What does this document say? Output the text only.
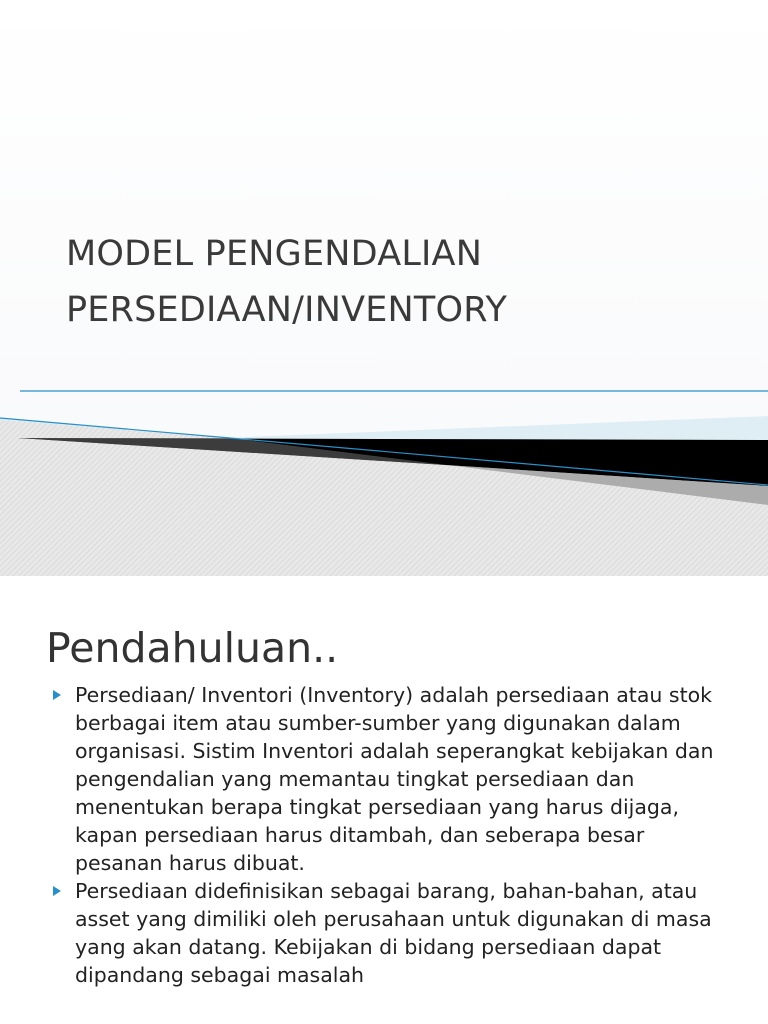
MODEL PENGENDALIAN
PERSEDIAAN/INVENTORY
Pendahuluan..
Persediaan/ Inventori (Inventory) adalah persediaan atau stok berbagai item atau sumber-sumber yang digunakan dalam organisasi. Sistim Inventori adalah seperangkat kebijakan dan pengendalian yang memantau tingkat persediaan dan menentukan berapa tingkat persediaan yang harus dijaga, kapan persediaan harus ditambah, dan seberapa besar pesanan harus dibuat.
Persediaan didefinisikan sebagai barang, bahan-bahan, atau asset yang dimiliki oleh perusahaan untuk digunakan di masa yang akan datang. Kebijakan di bidang persediaan dapat dipandang sebagai masalah
